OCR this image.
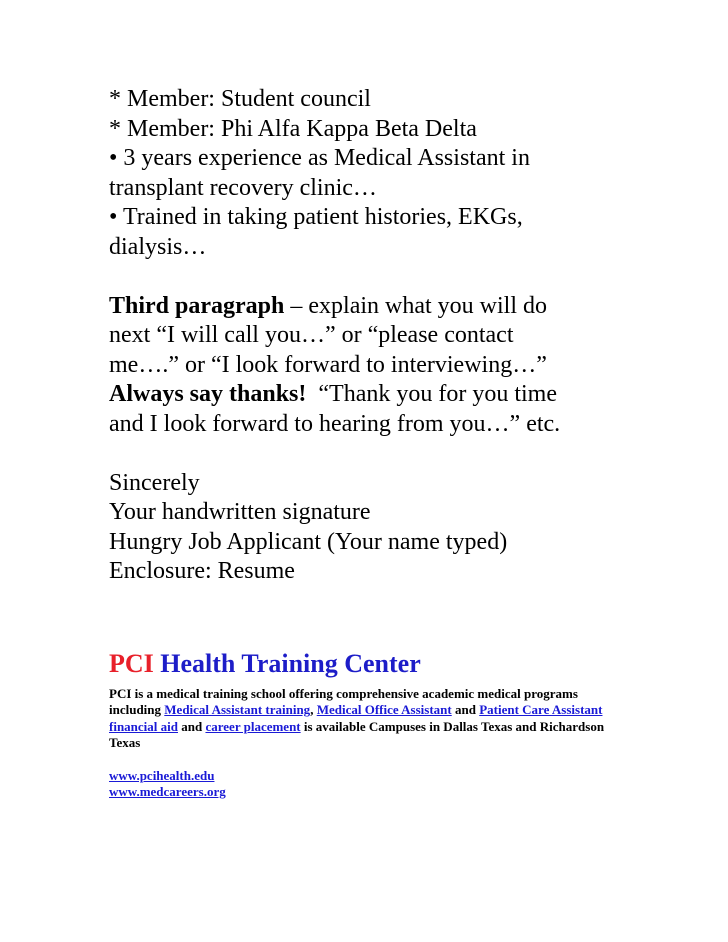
* Member: Student council
* Member: Phi Alfa Kappa Beta Delta
• 3 years experience as Medical Assistant in
transplant recovery clinic…
• Trained in taking patient histories, EKGs,
dialysis…
Third paragraph – explain what you will do
next “I will call you…” or “please contact
me….” or “I look forward to interviewing…”
Always say thanks!  “Thank you for you time
and I look forward to hearing from you…” etc.
Sincerely
Your handwritten signature
Hungry Job Applicant (Your name typed)
Enclosure: Resume
PCI Health Training Center
PCI is a medical training school offering comprehensive academic medical programs including Medical Assistant training, Medical Office Assistant and Patient Care Assistant financial aid and career placement is available Campuses in Dallas Texas and Richardson Texas
www.pcihealth.edu
www.medcareers.org
